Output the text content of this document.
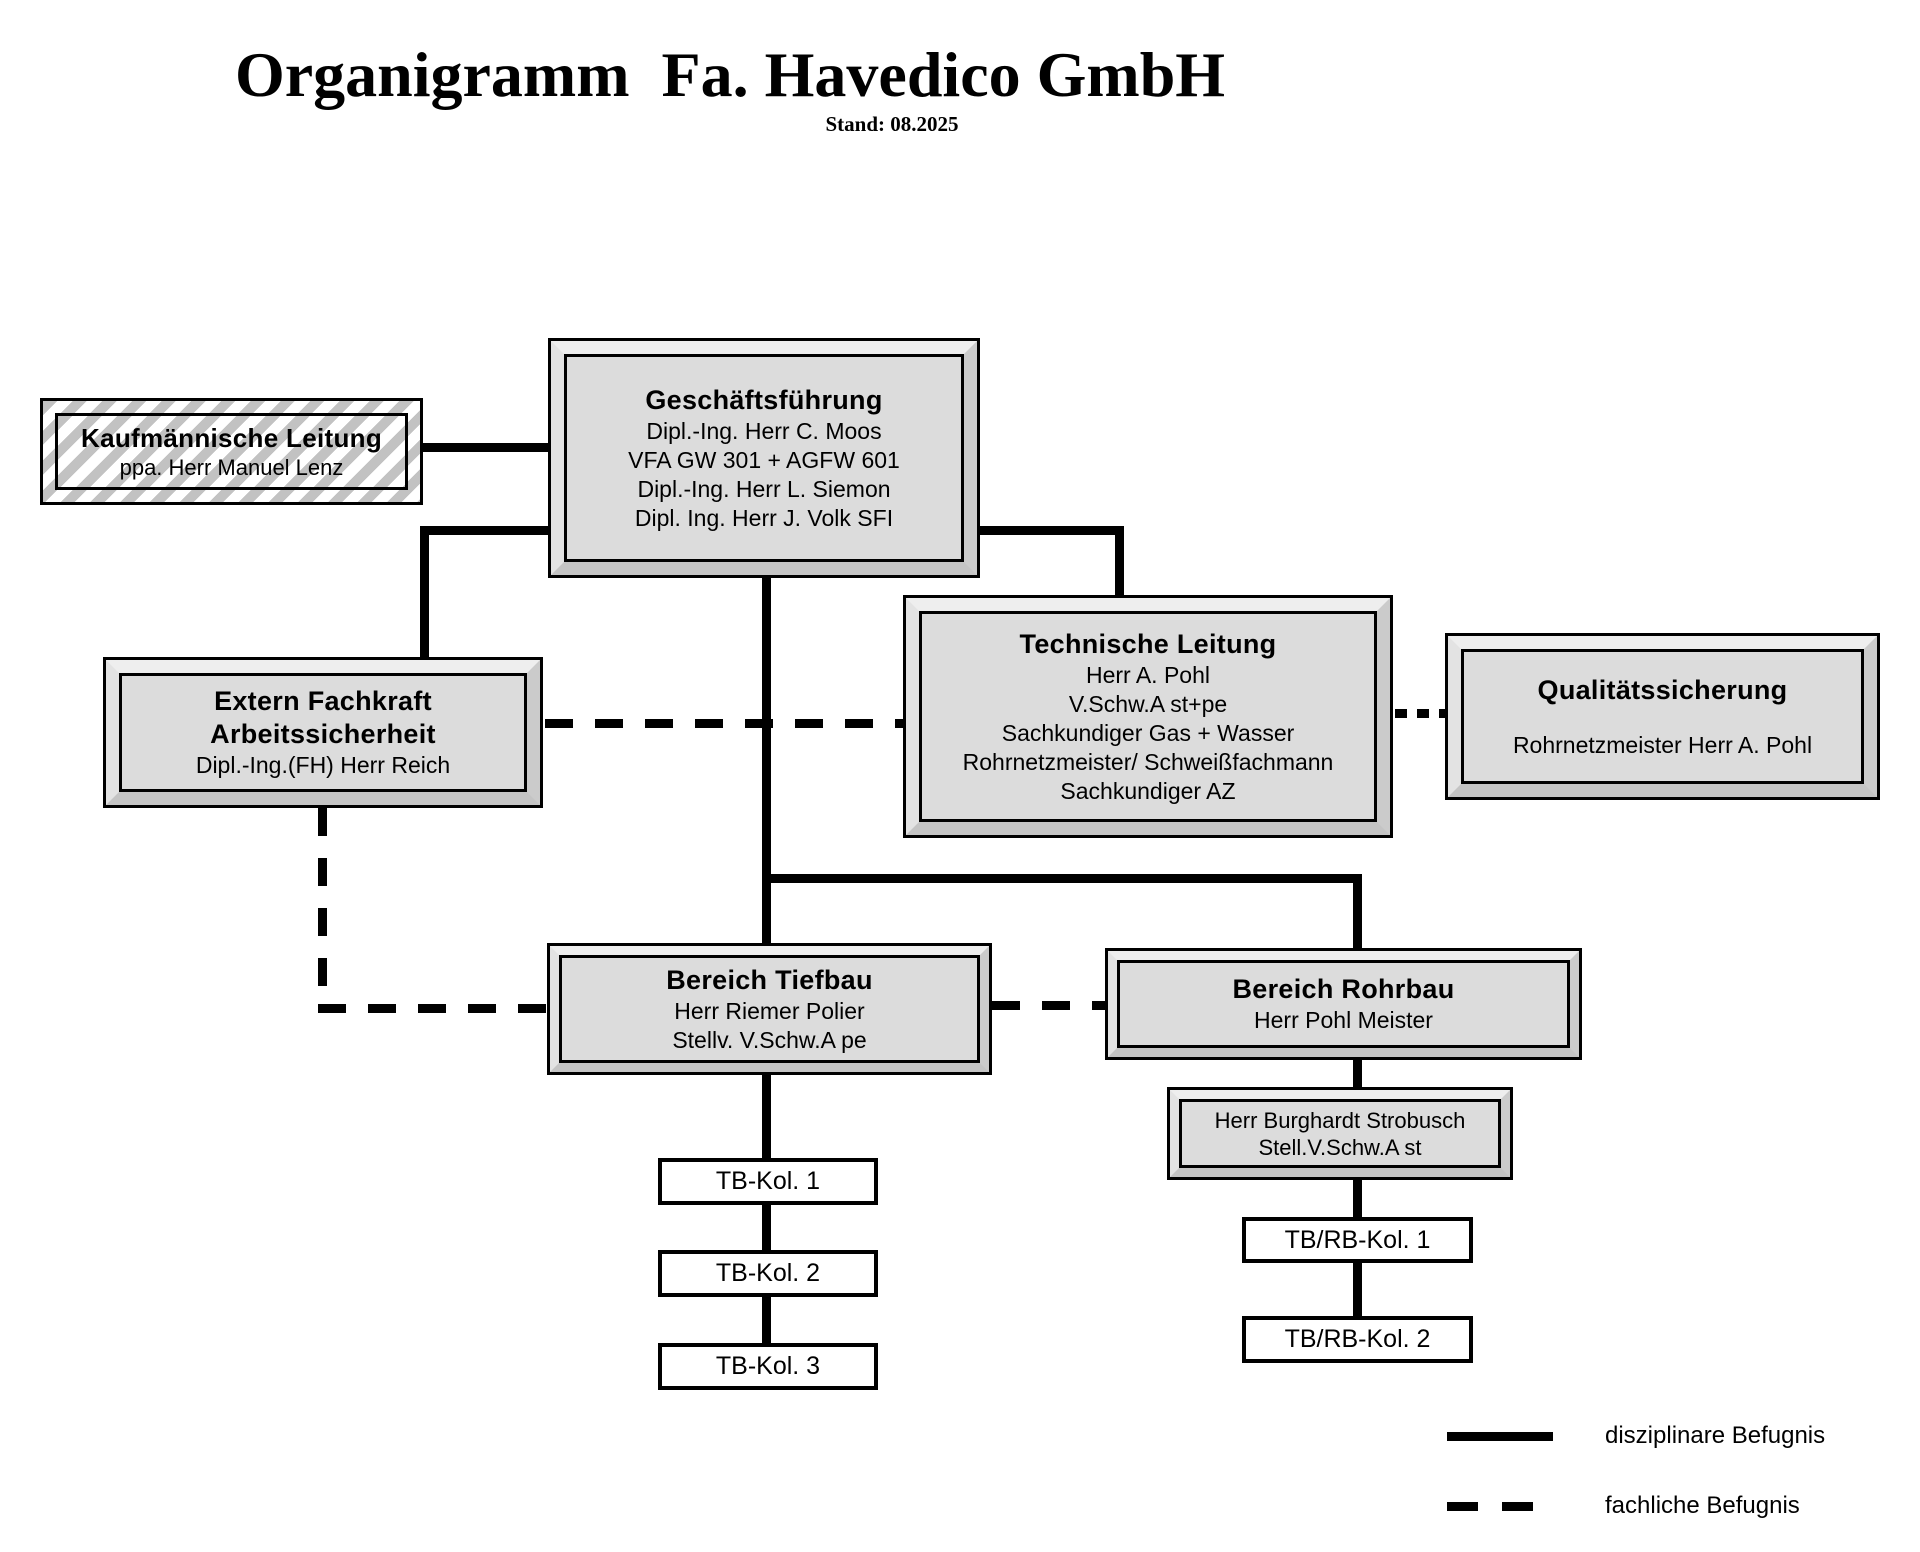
Organigramm  Fa. Havedico GmbH
Stand: 08.2025
Kaufmännische Leitung
ppa. Herr Manuel Lenz
Geschäftsführung
Dipl.-Ing. Herr C. Moos
VFA GW 301 + AGFW 601
Dipl.-Ing. Herr L. Siemon
Dipl. Ing. Herr J. Volk SFI
Extern Fachkraft
Arbeitssicherheit
Dipl.-Ing.(FH) Herr Reich
Technische Leitung
Herr A. Pohl
V.Schw.A st+pe
Sachkundiger Gas + Wasser
Rohrnetzmeister/ Schweißfachmann
Sachkundiger AZ
Qualitätssicherung
Rohrnetzmeister Herr A. Pohl
Bereich Tiefbau
Herr Riemer Polier
Stellv. V.Schw.A pe
Bereich Rohrbau
Herr Pohl Meister
Herr Burghardt Strobusch
Stell.V.Schw.A st
TB-Kol. 1
TB-Kol. 2
TB-Kol. 3
TB/RB-Kol. 1
TB/RB-Kol. 2
disziplinare Befugnis
fachliche Befugnis
